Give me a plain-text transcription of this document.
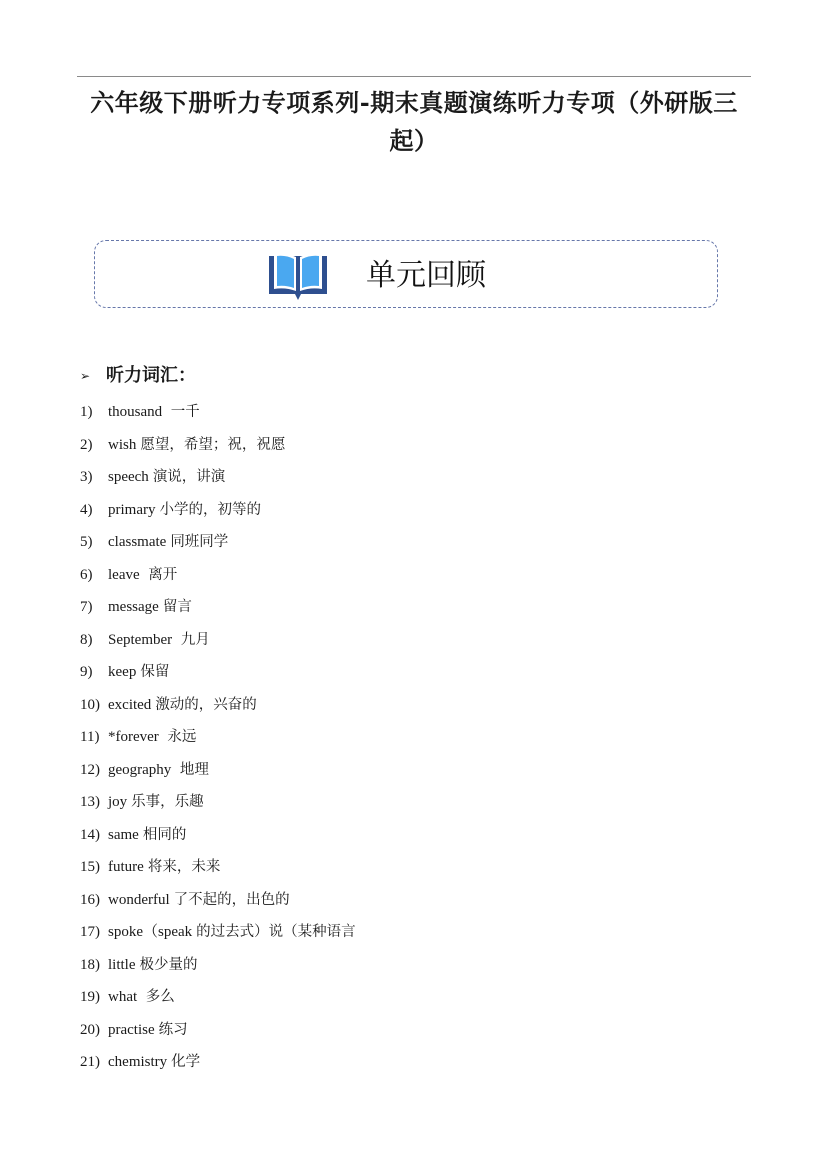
六年级下册听力专项系列-期末真题演练听力专项（外研版三起）
单元回顾
➢ 听力词汇：
1) thousand 一千
2) wish 愿望，希望；祝，祝愿
3) speech 演说，讲演
4) primary 小学的，初等的
5) classmate 同班同学
6) leave 离开
7) message 留言
8) September 九月
9) keep 保留
10) excited 激动的，兴奋的
11) *forever 永远
12) geography 地理
13) joy 乐事，乐趣
14) same 相同的
15) future 将来，未来
16) wonderful 了不起的，出色的
17) spoke（speak 的过去式）说（某种语言
18) little 极少量的
19) what 多么
20) practise 练习
21) chemistry 化学
